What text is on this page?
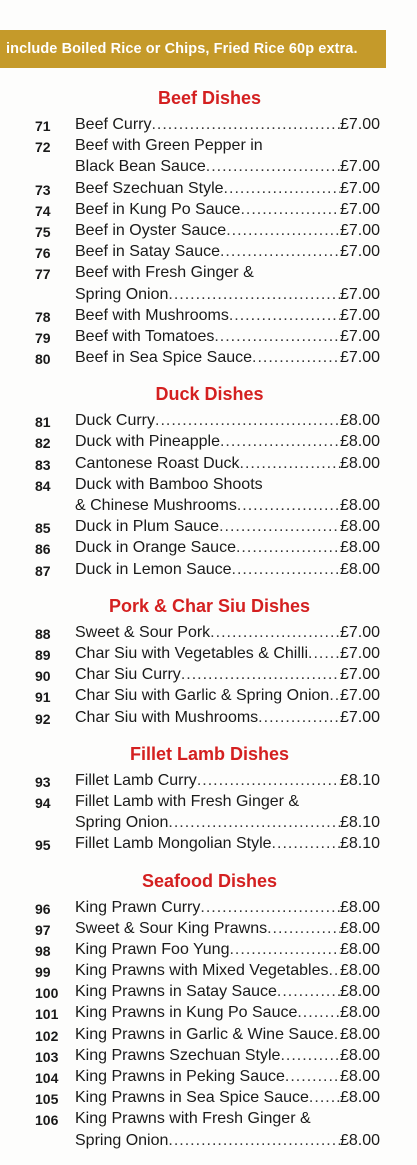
include Boiled Rice or Chips, Fried Rice 60p extra.
Beef Dishes
71 Beef Curry .....	£7.00
72 Beef with Green Pepper in
Black Bean Sauce .....	£7.00
73 Beef Szechuan Style .....	£7.00
74 Beef in Kung Po Sauce .....	£7.00
75 Beef in Oyster Sauce .....	£7.00
76 Beef in Satay Sauce .....	£7.00
77 Beef with Fresh Ginger &
Spring Onion .....	£7.00
78 Beef with Mushrooms .....	£7.00
79 Beef with Tomatoes .....	£7.00
80 Beef in Sea Spice Sauce .....	£7.00
Duck Dishes
81 Duck Curry .....	£8.00
82 Duck with Pineapple .....	£8.00
83 Cantonese Roast Duck .....	£8.00
84 Duck with Bamboo Shoots
& Chinese Mushrooms .....	£8.00
85 Duck in Plum Sauce .....	£8.00
86 Duck in Orange Sauce .....	£8.00
87 Duck in Lemon Sauce .....	£8.00
Pork & Char Siu Dishes
88 Sweet & Sour Pork .....	£7.00
89 Char Siu with Vegetables & Chilli ..... £7.00
90 Char Siu Curry .....	£7.00
91 Char Siu with Garlic & Spring Onion ..... £7.00
92 Char Siu with Mushrooms .....	£7.00
Fillet Lamb Dishes
93 Fillet Lamb Curry .....	£8.10
94 Fillet Lamb with Fresh Ginger &
Spring Onion .....	£8.10
95 Fillet Lamb Mongolian Style .....	£8.10
Seafood Dishes
96 King Prawn Curry .....	£8.00
97 Sweet & Sour King Prawns .....	£8.00
98 King Prawn Foo Yung .....	£8.00
99 King Prawns with Mixed Vegetables ..... £8.00
100 King Prawns in Satay Sauce .....	£8.00
101 King Prawns in Kung Po Sauce .....	£8.00
102 King Prawns in Garlic & Wine Sauce ..... £8.00
103 King Prawns Szechuan Style .....	£8.00
104 King Prawns in Peking Sauce .....	£8.00
105 King Prawns in Sea Spice Sauce ..... £8.00
106 King Prawns with Fresh Ginger &
Spring Onion .....	£8.00
